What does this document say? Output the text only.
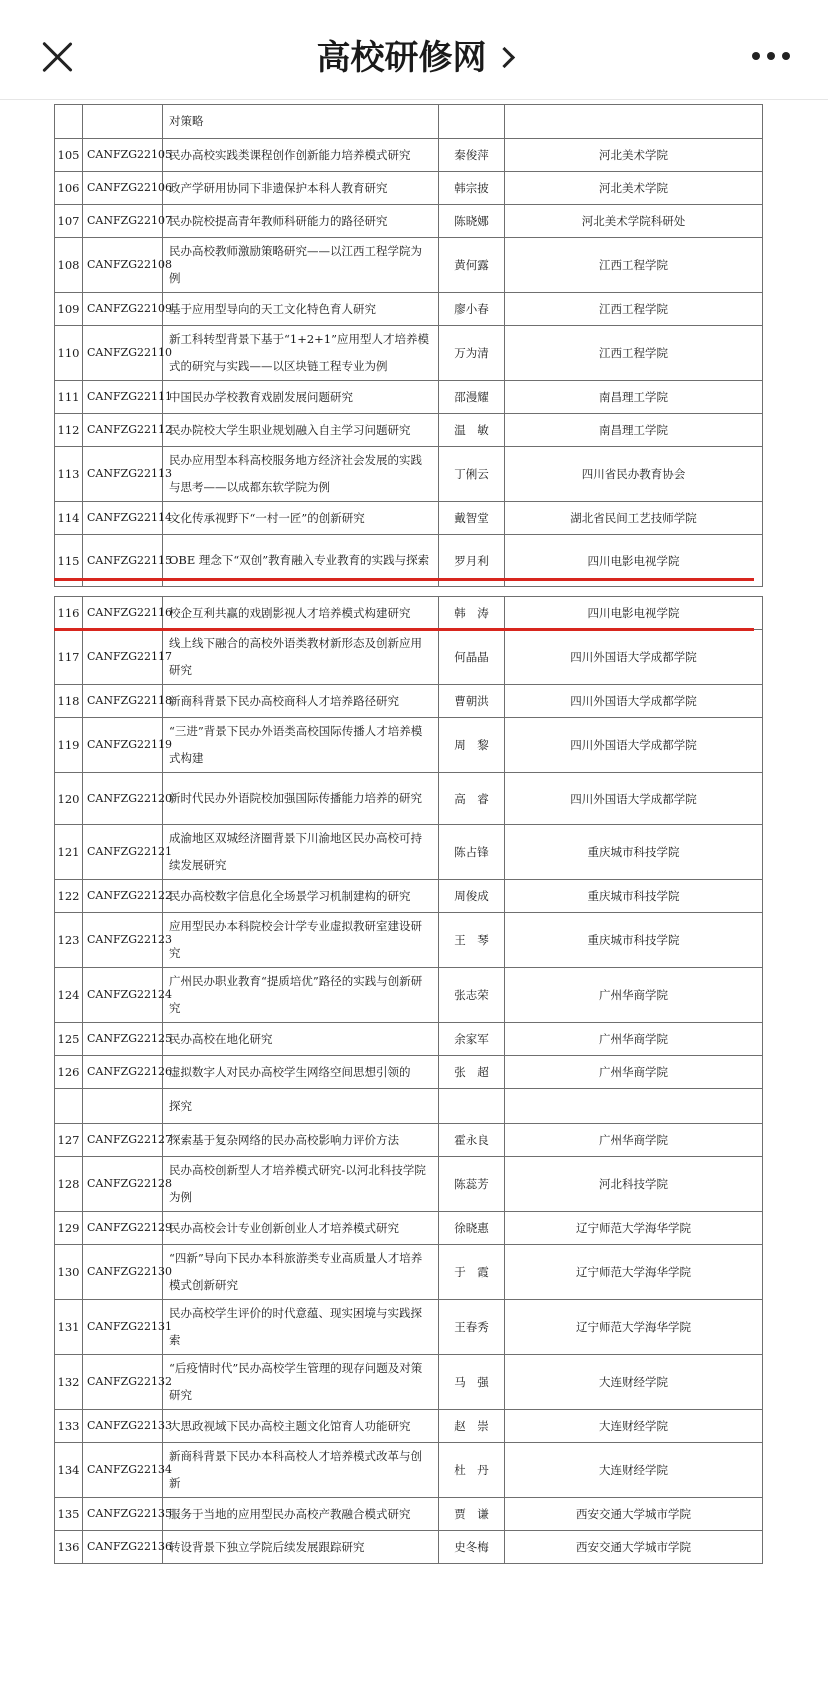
高校研修网
		对策略		
105	CANFZG22105	民办高校实践类课程创作创新能力培养模式研究	秦俊萍	河北美术学院
106	CANFZG22106	政产学研用协同下非遗保护本科人教育研究	韩宗披	河北美术学院
107	CANFZG22107	民办院校提高青年教师科研能力的路径研究	陈晓娜	河北美术学院科研处
108	CANFZG22108	民办高校教师激励策略研究——以江西工程学院为例	黄何露	江西工程学院
109	CANFZG22109	基于应用型导向的天工文化特色育人研究	廖小春	江西工程学院
110	CANFZG22110	新工科转型背景下基于“1+2+1”应用型人才培养模式的研究与实践——以区块链工程专业为例	万为清	江西工程学院
111	CANFZG22111	中国民办学校教育戏剧发展问题研究	邵漫耀	南昌理工学院
112	CANFZG22112	民办院校大学生职业规划融入自主学习问题研究	温　敏	南昌理工学院
113	CANFZG22113	民办应用型本科高校服务地方经济社会发展的实践与思考——以成都东软学院为例	丁俐云	四川省民办教育协会
114	CANFZG22114	文化传承视野下“一村一匠”的创新研究	戴智堂	湖北省民间工艺技师学院
115	CANFZG22115	OBE 理念下“双创”教育融入专业教育的实践与探索	罗月利	四川电影电视学院
116	CANFZG22116	校企互利共赢的戏剧影视人才培养模式构建研究	韩　涛	四川电影电视学院
117	CANFZG22117	线上线下融合的高校外语类教材新形态及创新应用研究	何晶晶	四川外国语大学成都学院
118	CANFZG22118	新商科背景下民办高校商科人才培养路径研究	曹朝洪	四川外国语大学成都学院
119	CANFZG22119	“三进”背景下民办外语类高校国际传播人才培养模式构建	周　黎	四川外国语大学成都学院
120	CANFZG22120	新时代民办外语院校加强国际传播能力培养的研究	高　睿	四川外国语大学成都学院
121	CANFZG22121	成渝地区双城经济圈背景下川渝地区民办高校可持续发展研究	陈占锋	重庆城市科技学院
122	CANFZG22122	民办高校数字信息化全场景学习机制建构的研究	周俊成	重庆城市科技学院
123	CANFZG22123	应用型民办本科院校会计学专业虚拟教研室建设研究	王　琴	重庆城市科技学院
124	CANFZG22124	广州民办职业教育“提质培优”路径的实践与创新研究	张志荣	广州华商学院
125	CANFZG22125	民办高校在地化研究	余家军	广州华商学院
126	CANFZG22126	虚拟数字人对民办高校学生网络空间思想引领的	张　超	广州华商学院
		探究		
127	CANFZG22127	探索基于复杂网络的民办高校影响力评价方法	霍永良	广州华商学院
128	CANFZG22128	民办高校创新型人才培养模式研究-以河北科技学院为例	陈蕊芳	河北科技学院
129	CANFZG22129	民办高校会计专业创新创业人才培养模式研究	徐晓惠	辽宁师范大学海华学院
130	CANFZG22130	“四新”导向下民办本科旅游类专业高质量人才培养模式创新研究	于　霞	辽宁师范大学海华学院
131	CANFZG22131	民办高校学生评价的时代意蕴、现实困境与实践探索	王春秀	辽宁师范大学海华学院
132	CANFZG22132	“后疫情时代”民办高校学生管理的现存问题及对策研究	马　强	大连财经学院
133	CANFZG22133	大思政视域下民办高校主题文化馆育人功能研究	赵　崇	大连财经学院
134	CANFZG22134	新商科背景下民办本科高校人才培养模式改革与创新	杜　丹	大连财经学院
135	CANFZG22135	服务于当地的应用型民办高校产教融合模式研究	贾　谦	西安交通大学城市学院
136	CANFZG22136	转设背景下独立学院后续发展跟踪研究	史冬梅	西安交通大学城市学院
